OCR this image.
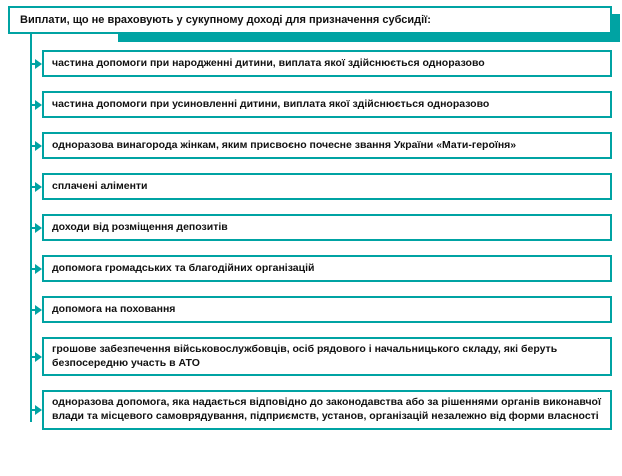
Виплати, що не враховують у сукупному доході для призначення субсидії:
частина допомоги при народженні дитини, виплата якої здійснюється одноразово
частина допомоги при усиновленні дитини, виплата якої здійснюється одноразово
одноразова винагорода жінкам, яким присвоєно почесне звання України «Мати-героїня»
сплачені аліменти
доходи від розміщення депозитів
допомога громадських та благодійних організацій
допомога на поховання
грошове забезпечення військовослужбовців, осіб рядового і начальницького складу, які беруть безпосередню участь в АТО
одноразова допомога, яка надається відповідно до законодавства або за рішеннями органів виконавчої влади та місцевого самоврядування, підприємств, установ, організацій незалежно від форми власності
